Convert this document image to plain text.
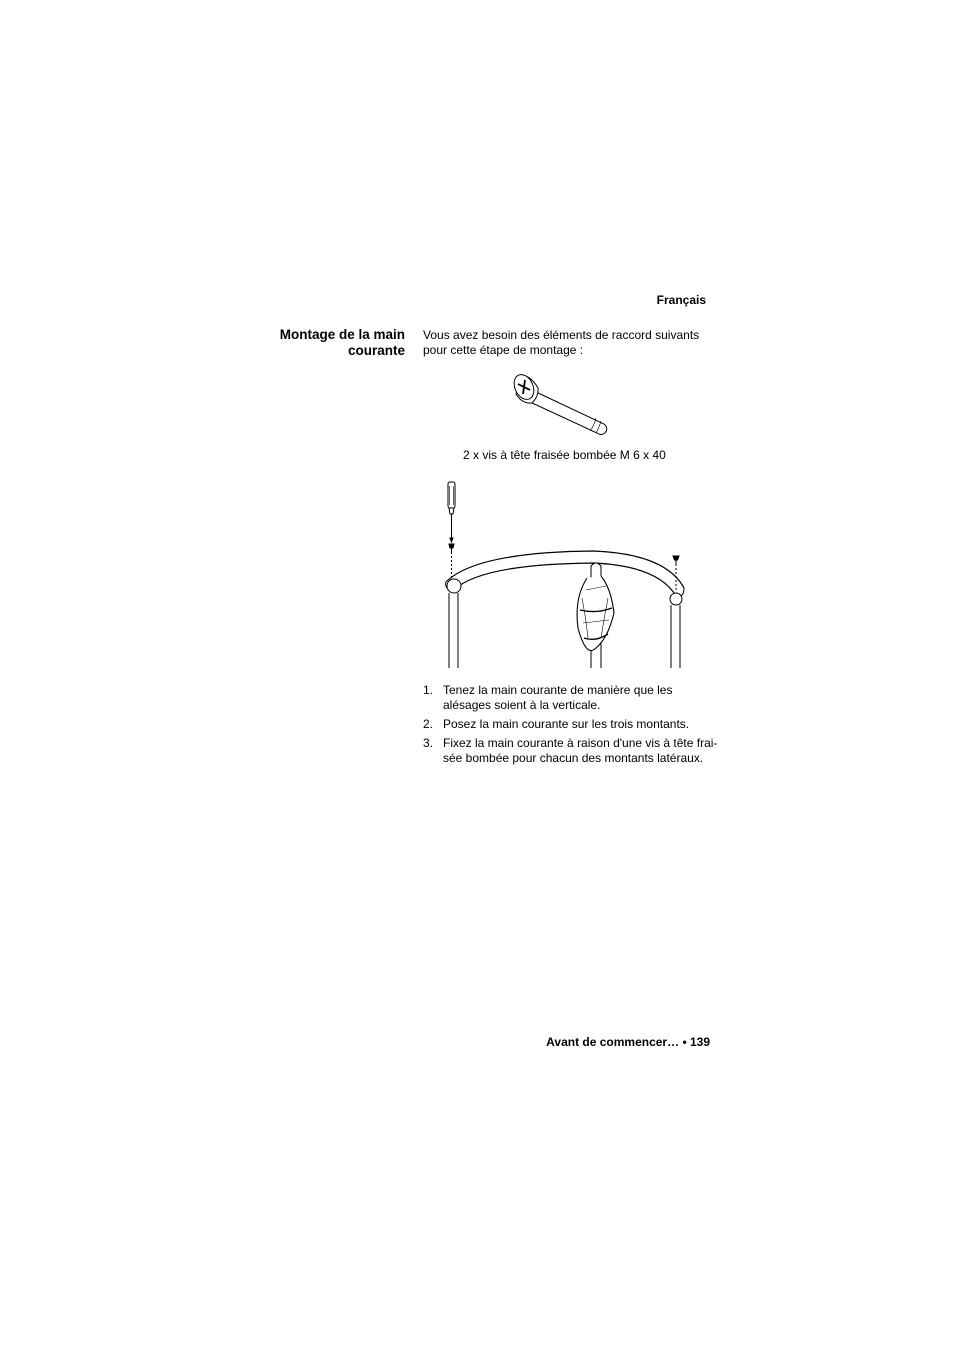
Français
Montage de la main courante
Vous avez besoin des éléments de raccord suivants pour cette étape de montage :
2 x vis à tête fraisée bombée M 6 x 40
1. Tenez la main courante de manière que les alésages soient à la verticale.
2. Posez la main courante sur les trois montants.
3. Fixez la main courante à raison d'une vis à tête frai-sée bombée pour chacun des montants latéraux.
Avant de commencer… • 139
